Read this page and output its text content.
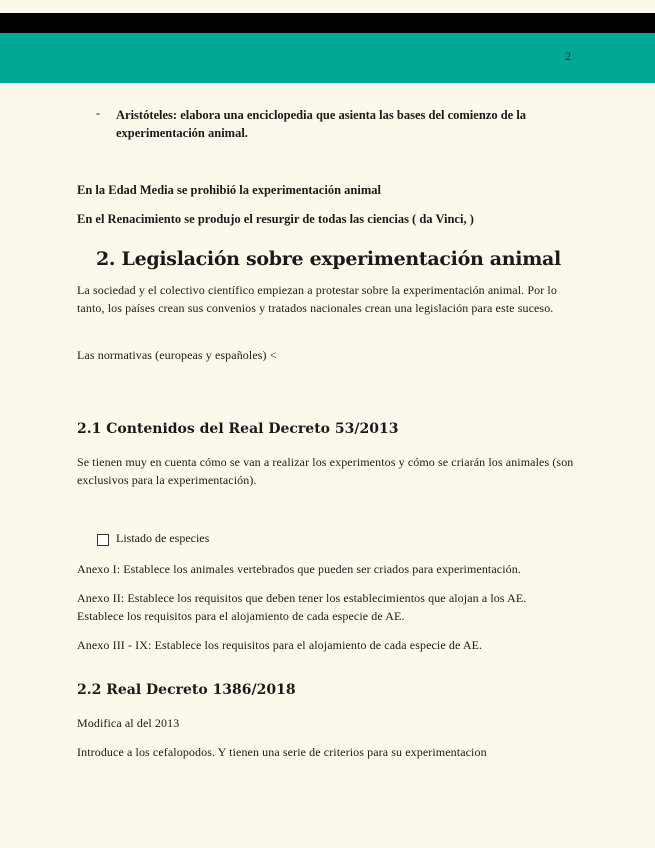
2
- Aristóteles: elabora una enciclopedia que asienta las bases del comienzo de la experimentación animal.
En la Edad Media se prohibió la experimentación animal
En el Renacimiento se produjo el resurgir de todas las ciencias ( da Vinci, )
2. Legislación sobre experimentación animal
La sociedad y el colectivo científico empiezan a protestar sobre la experimentación animal. Por lo tanto, los países crean sus convenios y tratados nacionales crean una legislación para este suceso.
Las normativas (europeas y españoles) <
2.1 Contenidos del Real Decreto 53/2013
Se tienen muy en cuenta cómo se van a realizar los experimentos y cómo se criarán los animales (son exclusivos para la experimentación).
Listado de especies
Anexo I: Establece los animales vertebrados que pueden ser criados para experimentación.
Anexo II: Establece los requisitos que deben tener los establecimientos que alojan a los AE. Establece los requisitos para el alojamiento de cada especie de AE.
Anexo III - IX: Establece los requisitos para el alojamiento de cada especie de AE.
2.2 Real Decreto 1386/2018
Modifica al del 2013
Introduce a los cefalopodos. Y tienen una serie de criterios para su experimentacion
